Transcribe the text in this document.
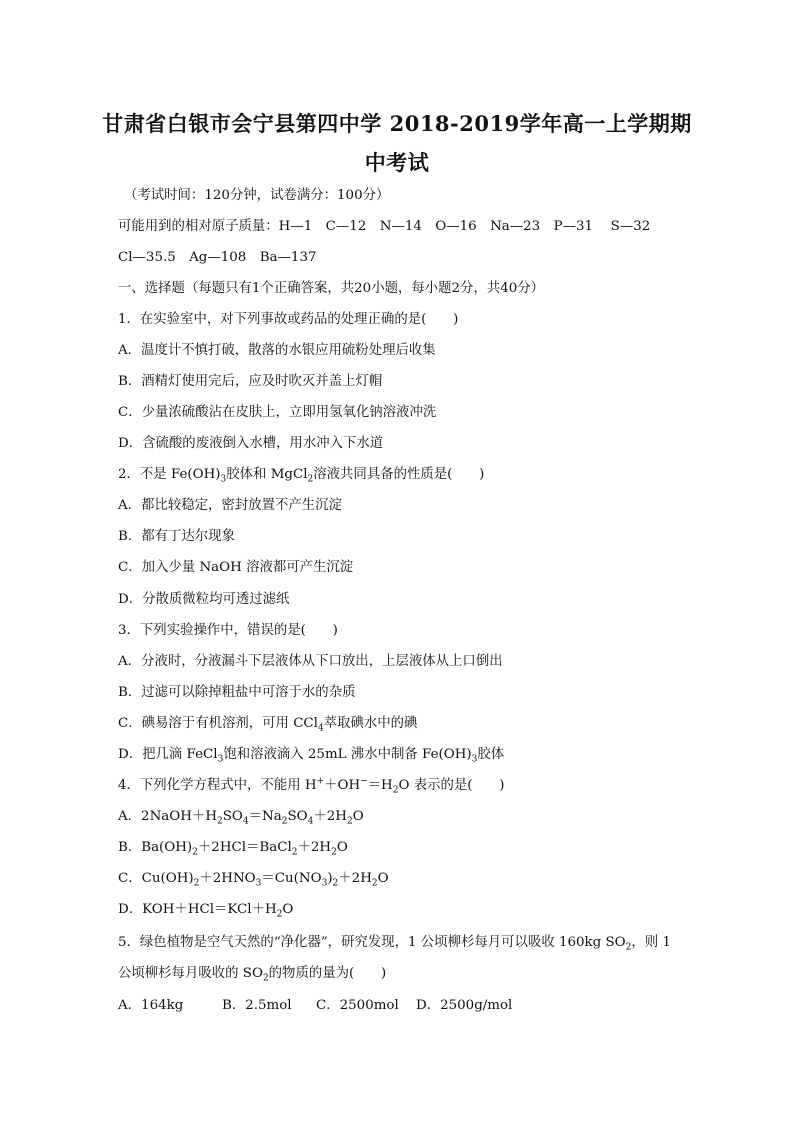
甘肃省白银市会宁县第四中学 2018-2019学年高一上学期期
中考试
（考试时间：120分钟，试卷满分：100分）
可能用到的相对原子质量：H—1　C—12　N—14　O—16　Na—23　P—31　 S—32
Cl—35.5　Ag—108　Ba—137
一、选择题（每题只有1个正确答案，共20小题，每小题2分，共40分）
1．在实验室中，对下列事故或药品的处理正确的是(　　)
A．温度计不慎打破，散落的水银应用硫粉处理后收集
B．酒精灯使用完后，应及时吹灭并盖上灯帽
C．少量浓硫酸沾在皮肤上，立即用氢氧化钠溶液冲洗
D．含硫酸的废液倒入水槽，用水冲入下水道
2．不是 $Fe(OH)_3$胶体和 MgCl$_2$溶液共同具备的性质是(　　)
A．都比较稳定，密封放置不产生沉淀
B．都有丁达尔现象
C．加入少量 NaOH 溶液都可产生沉淀
D．分散质微粒均可透过滤纸
3．下列实验操作中，错误的是(　　)
A．分液时，分液漏斗下层液体从下口放出，上层液体从上口倒出
B．过滤可以除掉粗盐中可溶于水的杂质
C．碘易溶于有机溶剂，可用 CCl$_4$萃取碘水中的碘
D．把几滴 FeCl$_3$饱和溶液滴入 25mL 沸水中制备 $Fe(OH)_3$胶体
4．下列化学方程式中，不能用 $H^++OH^-=H_2O$ 表示的是(　　)
A．$2NaOH+H_2SO_4=Na_2SO_4+2H_2O$
B．$Ba(OH)_2+2HCl=BaCl_2+2H_2O$
C．$Cu(OH)_2+2HNO_3=Cu(NO_3)_2+2H_2O$
D．$KOH+HCl=KCl+H_2O$
5．绿色植物是空气天然的“净化器”，研究发现，1 公顷柳杉每月可以吸收 160kg $SO_2$，则 1
公顷柳杉每月吸收的 $SO_2$的物质的量为(　　)
A．164kg	B．2.5mol C．2500mol D．2500g/mol
